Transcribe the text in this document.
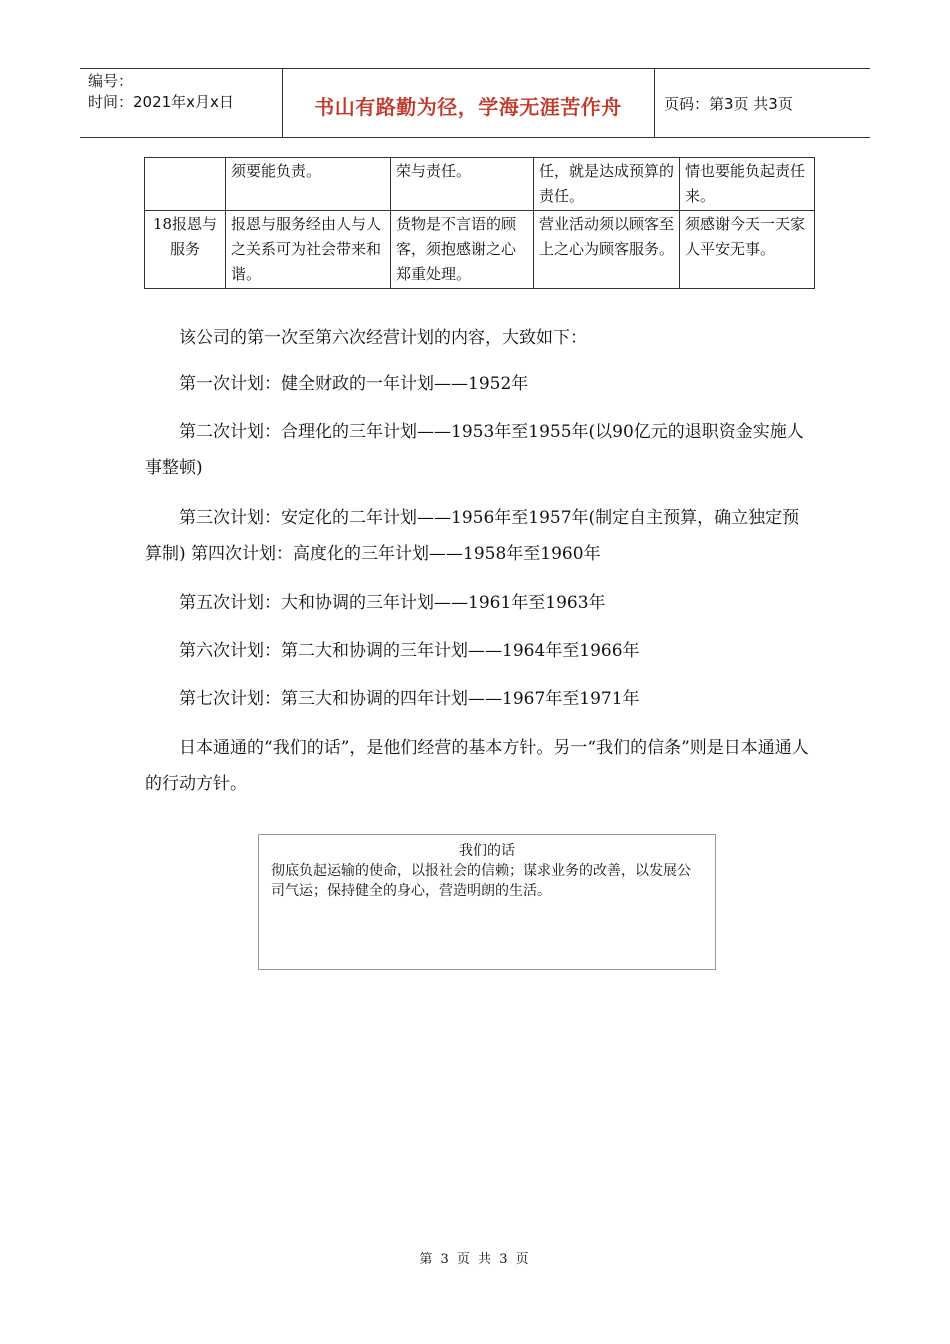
编号：
时间：2021年x月x日	书山有路勤为径，学海无涯苦作舟	页码：第3页 共3页
	须要能负责。	荣与责任。	任，就是达成预算的责任。	情也要能负起责任来。
18报恩与服务	报恩与服务经由人与人之关系可为社会带来和谐。	货物是不言语的顾客，须抱感谢之心郑重处理。	营业活动须以顾客至上之心为顾客服务。	须感谢今天一天家人平安无事。
该公司的第一次至第六次经营计划的内容，大致如下：
第一次计划：健全财政的一年计划——1952年
第二次计划：合理化的三年计划——1953年至1955年(以90亿元的退职资金实施人事整顿)
第三次计划：安定化的二年计划——1956年至1957年(制定自主预算，确立独定预算制) 第四次计划：高度化的三年计划——1958年至1960年
第五次计划：大和协调的三年计划——1961年至1963年
第六次计划：第二大和协调的三年计划——1964年至1966年
第七次计划：第三大和协调的四年计划——1967年至1971年
日本通通的“我们的话”，是他们经营的基本方针。另一“我们的信条”则是日本通通人的行动方针。
我们的话
彻底负起运输的使命，以报社会的信赖；谋求业务的改善，以发展公司气运；保持健全的身心，营造明朗的生活。
第 3 页 共 3 页
